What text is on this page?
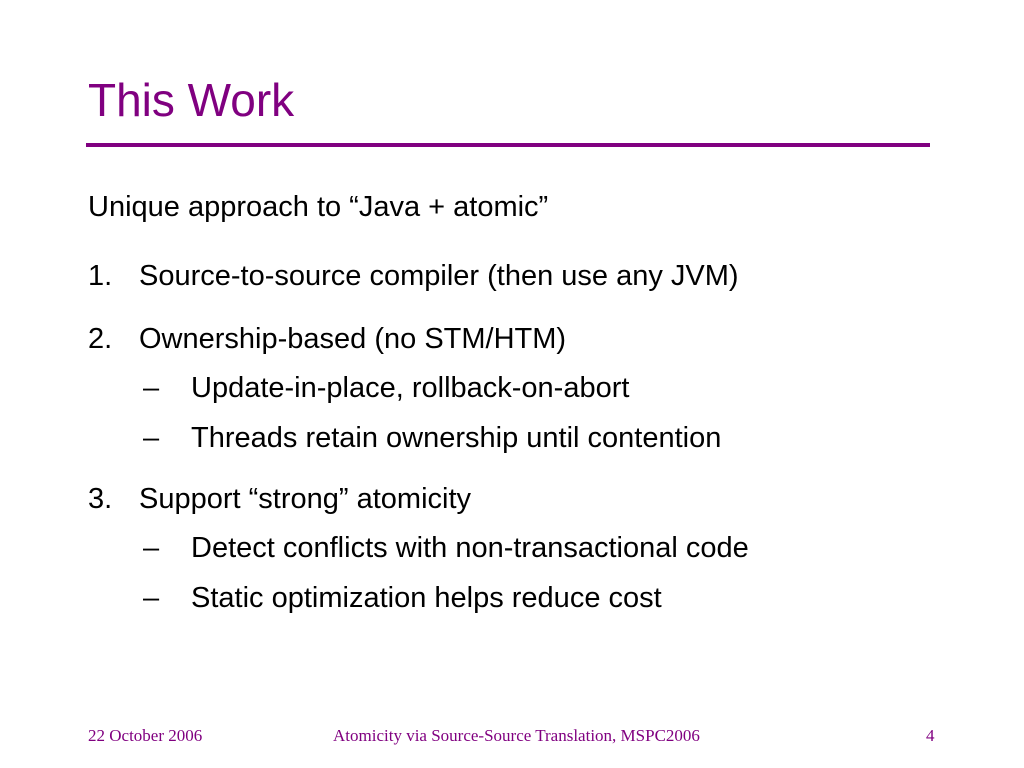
This Work
Unique approach to “Java + atomic”
1. Source-to-source compiler (then use any JVM)
2. Ownership-based (no STM/HTM)
– Update-in-place, rollback-on-abort
– Threads retain ownership until contention
3. Support “strong” atomicity
– Detect conflicts with non-transactional code
– Static optimization helps reduce cost
22 October 2006	Atomicity via Source-Source Translation, MSPC2006	4
